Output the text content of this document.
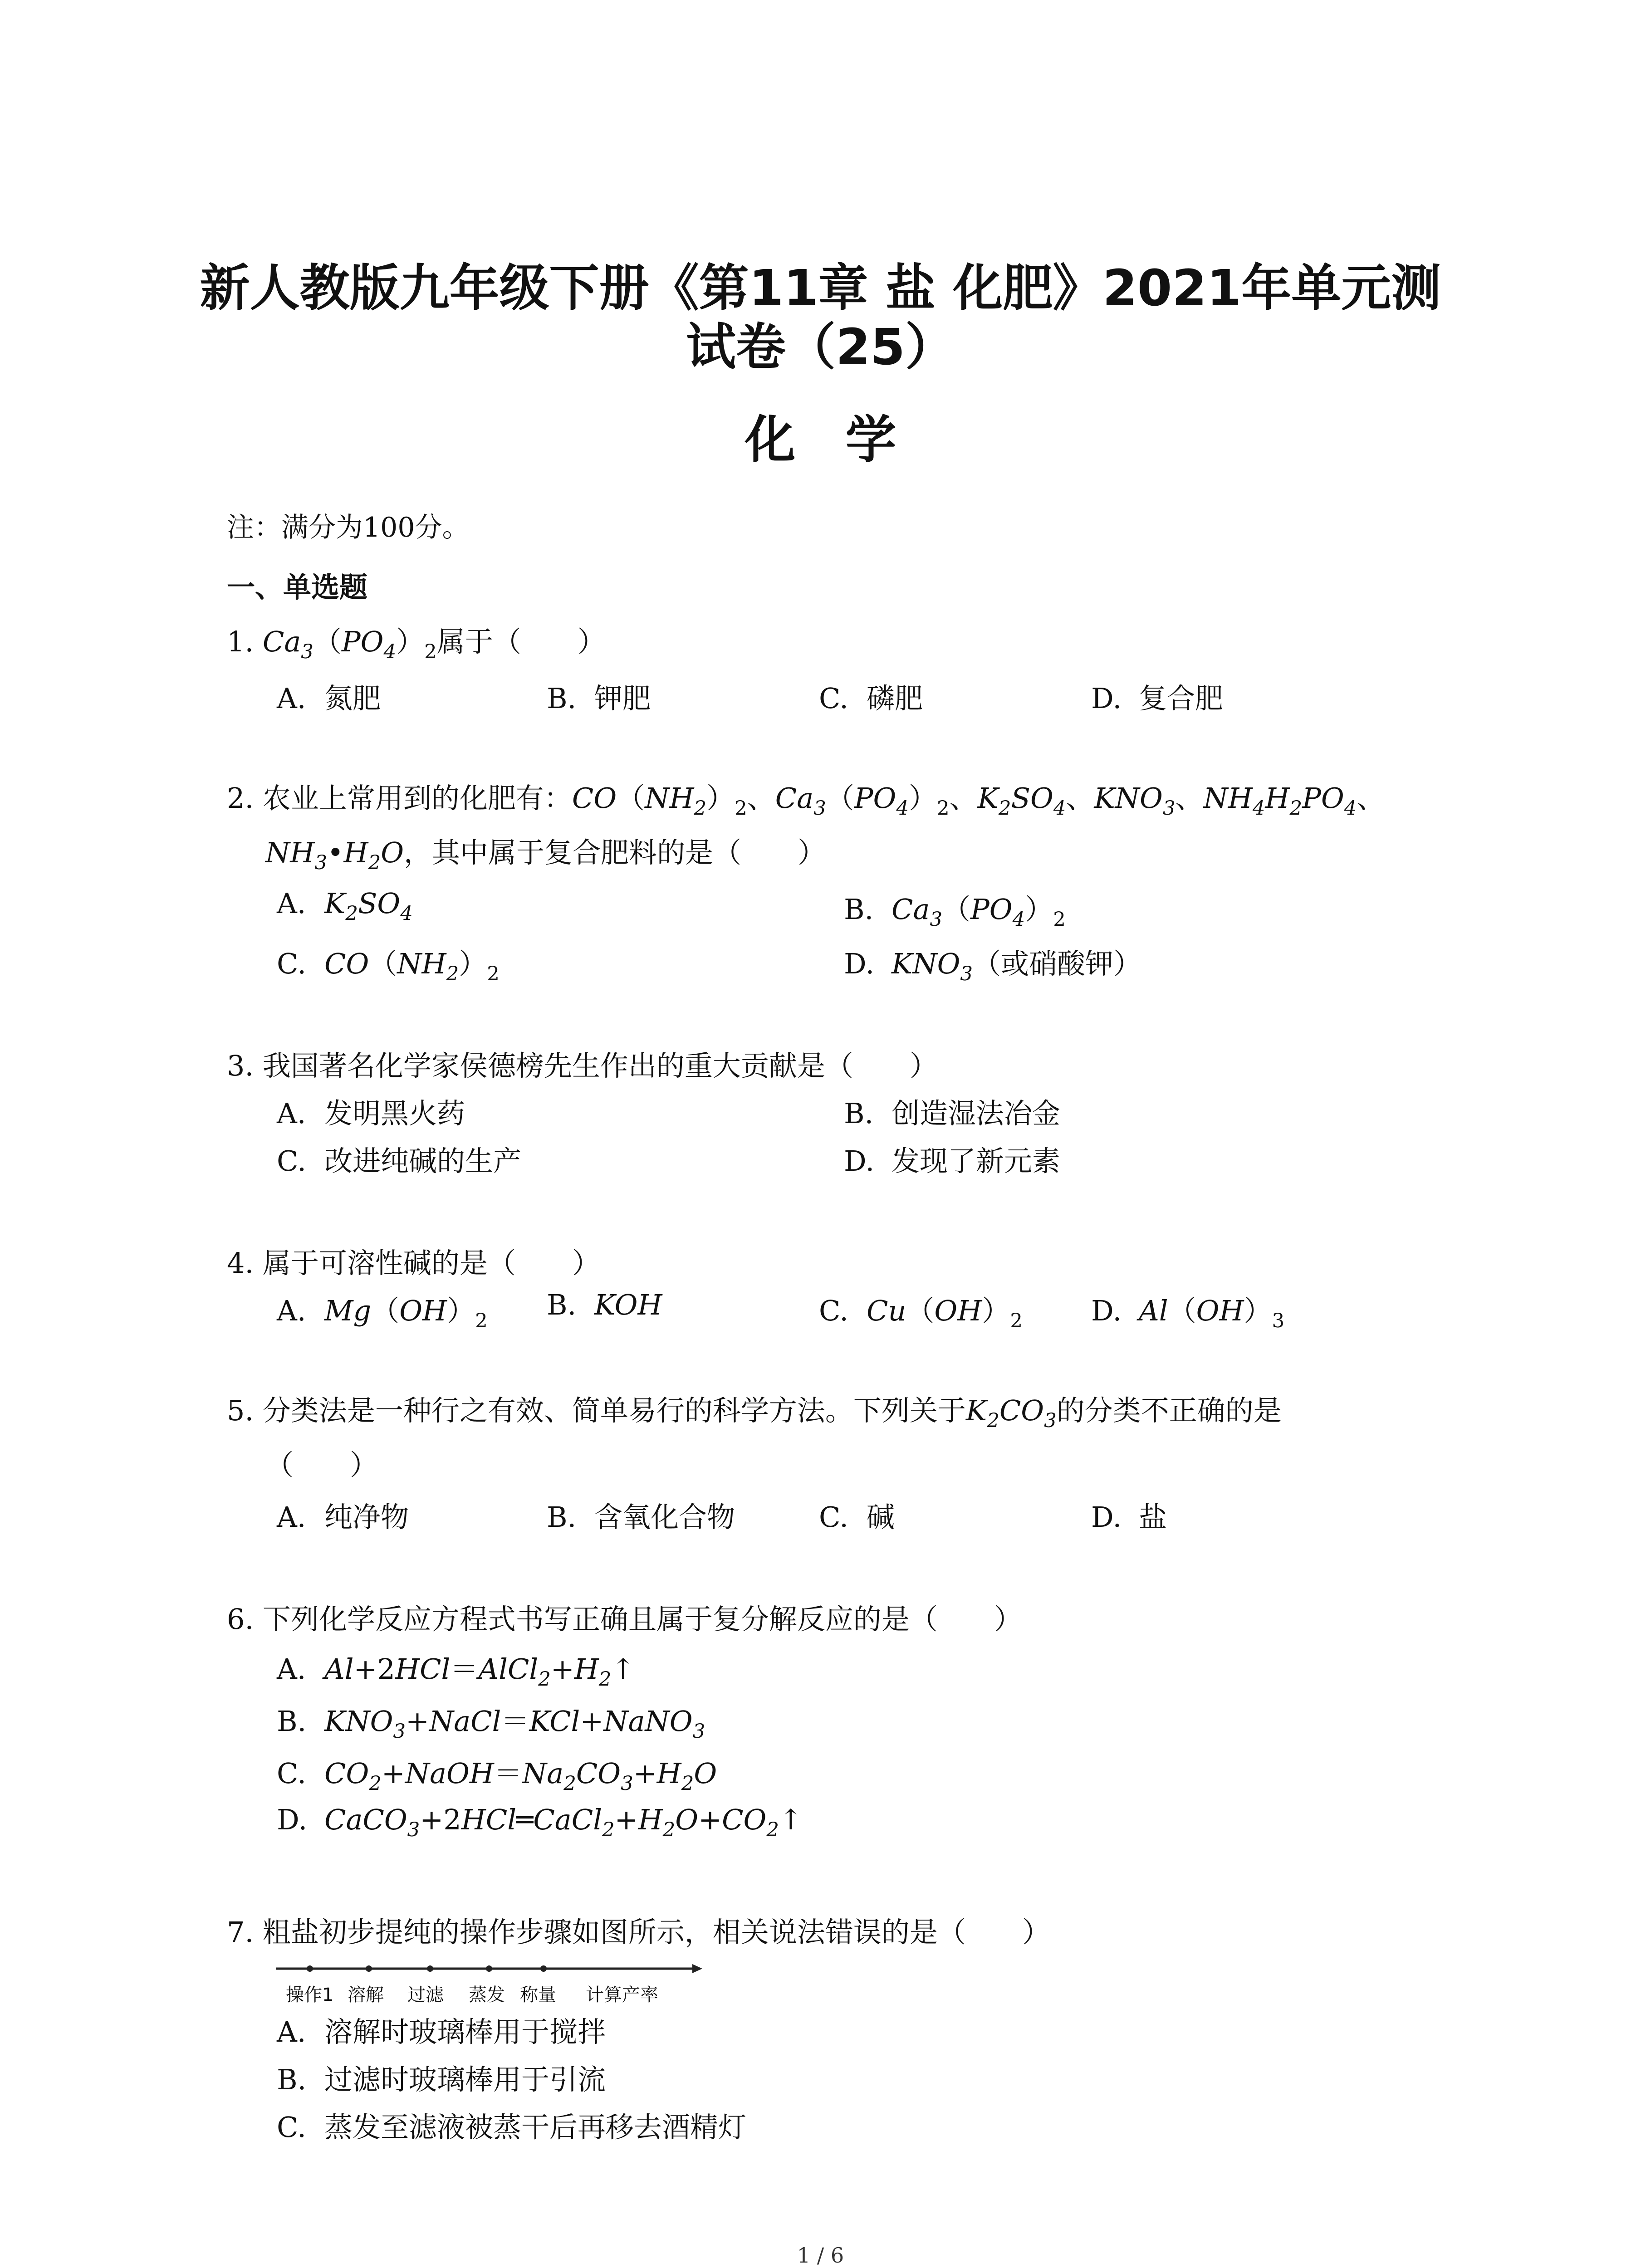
新人教版九年级下册《第11章 盐 化肥》2021年单元测
试卷（25）
化学
注：满分为100分。
一、单选题
1. $Ca_3(PO_4)_2$属于（　　）
A. 氮肥	B. 钾肥	C. 磷肥	D. 复合肥
2. 农业上常用到的化肥有：$CO(NH_2)_2$、$Ca_3(PO_4)_2$、$K_2SO_4$、$KNO_3$、$NH_4H_2PO_4$、
$NH_3•H_2O$，其中属于复合肥料的是（　　）
A. $K_2SO_4$	B. $Ca_3(PO_4)_2$
C. $CO(NH_2)_2$	D. $KNO_3$（或硝酸钾）
3. 我国著名化学家侯德榜先生作出的重大贡献是（　　）
A. 发明黑火药	B. 创造湿法冶金
C. 改进纯碱的生产	D. 发现了新元素
4. 属于可溶性碱的是（　　）
A. $Mg(OH)_2$ B. KOH	C. $Cu(OH)_2$ D. $Al(OH)_3$
5. 分类法是一种行之有效、简单易行的科学方法。下列关于$K_2CO_3$的分类不正确的是
（　　）
A. 纯净物	B. 含氧化合物	C. 碱	D. 盐
6. 下列化学反应方程式书写正确且属于复分解反应的是（　　）
A. $Al+2HCl=AlCl_2+H_2↑$
B. $KNO_3+NaCl=KCl+NaNO_3$
C. $CO_2+NaOH=Na_2CO_3+H_2O$
D. $CaCO_3+2HCl═CaCl_2+H_2O+CO_2↑$
7. 粗盐初步提纯的操作步骤如图所示，相关说法错误的是（　　）
操作1 溶解 过滤 蒸发 称量 计算产率
A. 溶解时玻璃棒用于搅拌
B. 过滤时玻璃棒用于引流
C. 蒸发至滤液被蒸干后再移去酒精灯
1 / 6
